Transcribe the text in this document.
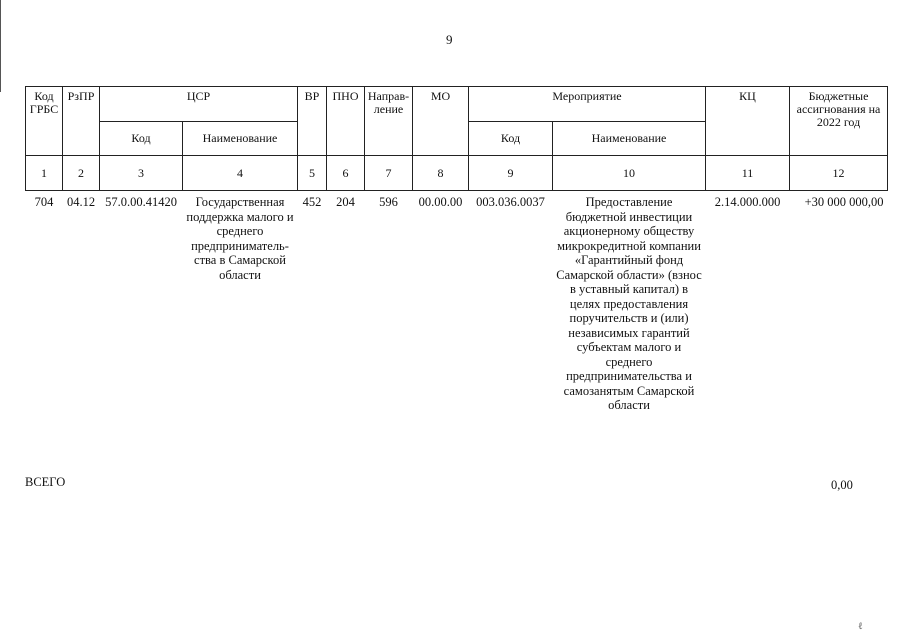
9
Код ГРБС	РзПР	ЦСР		ВР	ПНО	Направ-ление	МО	Мероприятие		КЦ	Бюджетные ассигнования на 2022 год
		Код	Наименование					Код	Наименование		
1	2	3	4	5	6	7	8	9	10	11	12
704	04.12	57.0.00.41420	Государственная поддержка малого и среднего предприниматель-ства в Самарской области	452	204	596	00.00.00	003.036.0037	Предоставление бюджетной инвестиции акционерному обществу микрокредитной компании «Гарантийный фонд Самарской области» (взнос в уставный капитал) в целях предоставления поручительств и (или) независимых гарантий субъектам малого и среднего предпринимательства и самозанятым Самарской области	2.14.000.000	+30 000 000,00
ВСЕГО	0,00
ℓ
